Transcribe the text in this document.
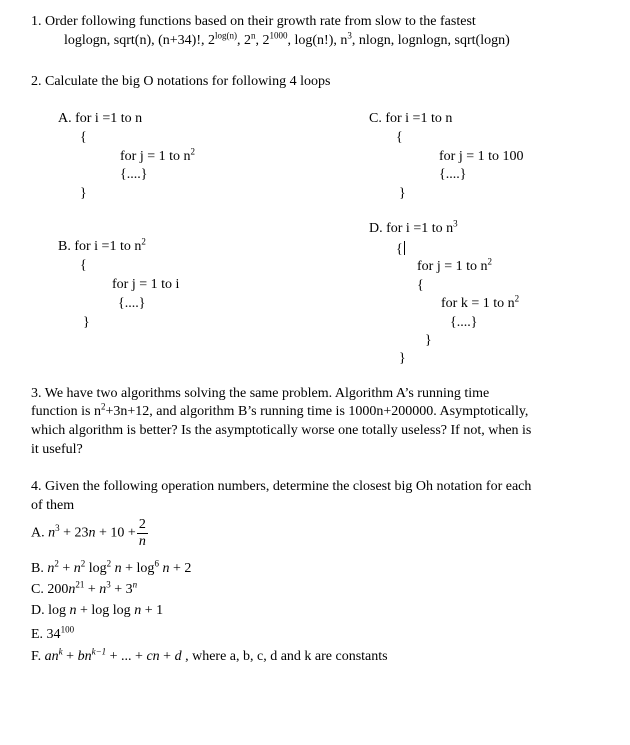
1. Order following functions based on their growth rate from slow to the fastest
loglogn, sqrt(n), (n+34)!, $2^{log(n)}$, 2$^n$, $2^{1000}$, log(n!), $n^3$, nlogn, lognlogn, sqrt(logn)
2. Calculate the big O notations for following 4 loops
A. for i =1 to n
{
for j = 1 to $n^2$
{....}
}
C. for i =1 to n
{
for j = 1 to 100
{....}
}
D. for i =1 to $n^3$
{
for j = 1 to $n^2$
{
for k = 1 to $n^2$
{....}
}
}
B. for i =1 to $n^2$
{
for j = 1 to i
{....}
}
3. We have two algorithms solving the same problem. Algorithm A’s running time
function is $n^2+3n+12$, and algorithm B’s running time is 1000n+200000. Asymptotically,
which algorithm is better? Is the asymptotically worse one totally useless? If not, when is
it useful?
4. Given the following operation numbers, determine the closest big Oh notation for each
of them
A. $n^3 + 23n + 10 + \frac{2}{n}$
B. $n^2 + n^2$ $\log^2 n + \log^6 n + 2$
C. $200n^{21} + n^3 + 3^n$
D. log n + log log n + 1
E. $34^{100}$
F. $an^k + bn^{k-1}$ + ... + cn + d , where a, b, c, d and k are constants
